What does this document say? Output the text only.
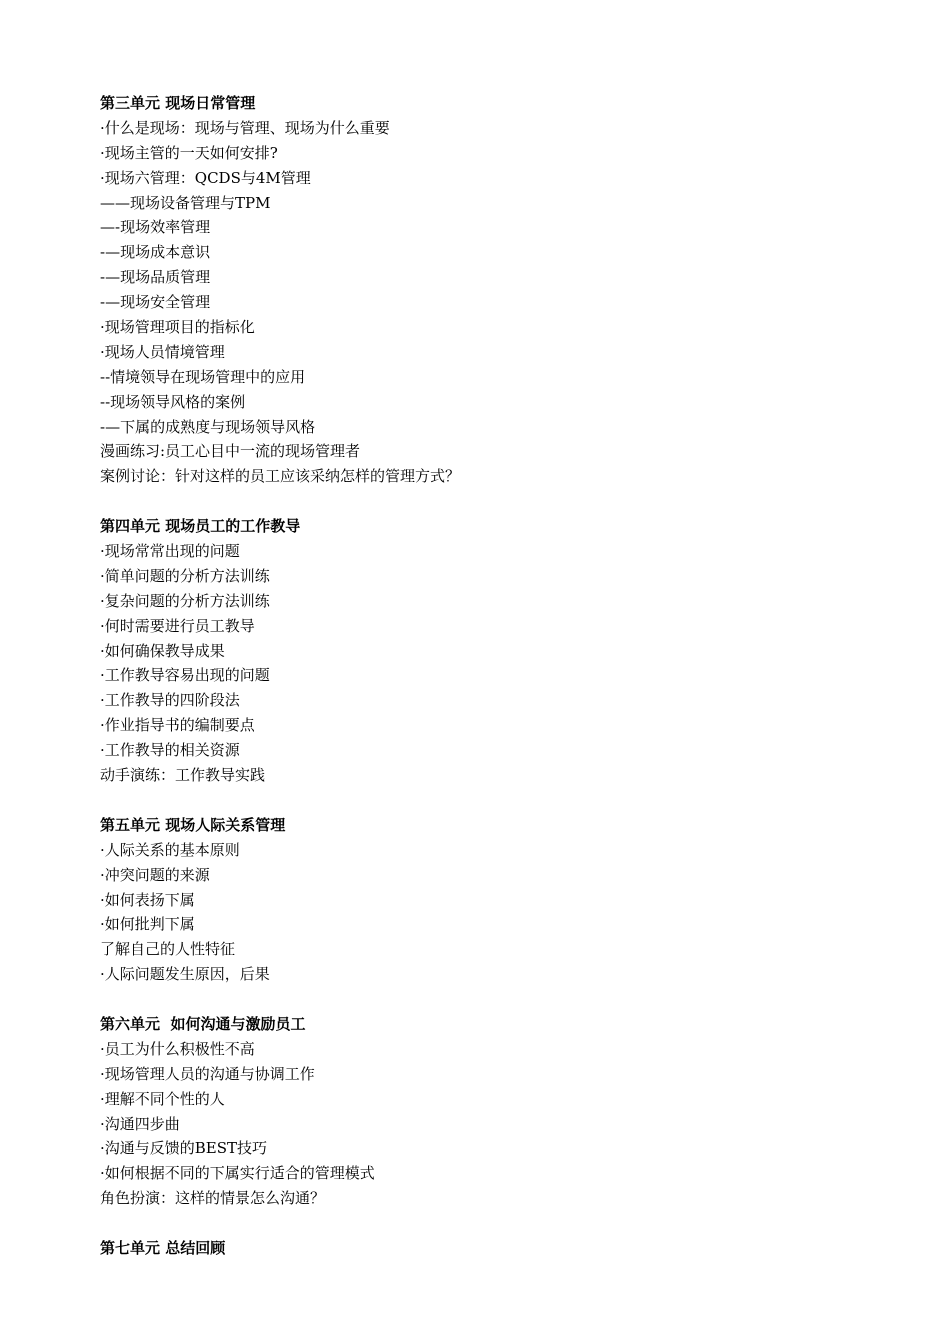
第三单元 现场日常管理
·什么是现场：现场与管理、现场为什么重要
·现场主管的一天如何安排?
·现场六管理：QCDS与4M管理
——现场设备管理与TPM
—-现场效率管理
-—现场成本意识
-—现场品质管理
-—现场安全管理
·现场管理项目的指标化
·现场人员情境管理
--情境领导在现场管理中的应用
--现场领导风格的案例
-—下属的成熟度与现场领导风格
漫画练习:员工心目中一流的现场管理者
案例讨论：针对这样的员工应该采纳怎样的管理方式？
第四单元 现场员工的工作教导
·现场常常出现的问题
·简单问题的分析方法训练
·复杂问题的分析方法训练
·何时需要进行员工教导
·如何确保教导成果
·工作教导容易出现的问题
·工作教导的四阶段法
·作业指导书的编制要点
·工作教导的相关资源
动手演练：工作教导实践
第五单元 现场人际关系管理
·人际关系的基本原则
·冲突问题的来源
·如何表扬下属
·如何批判下属
了解自己的人性特征
·人际问题发生原因，后果
第六单元  如何沟通与激励员工
·员工为什么积极性不高
·现场管理人员的沟通与协调工作
·理解不同个性的人
·沟通四步曲
·沟通与反馈的BEST技巧
·如何根据不同的下属实行适合的管理模式
角色扮演：这样的情景怎么沟通？
第七单元 总结回顾
